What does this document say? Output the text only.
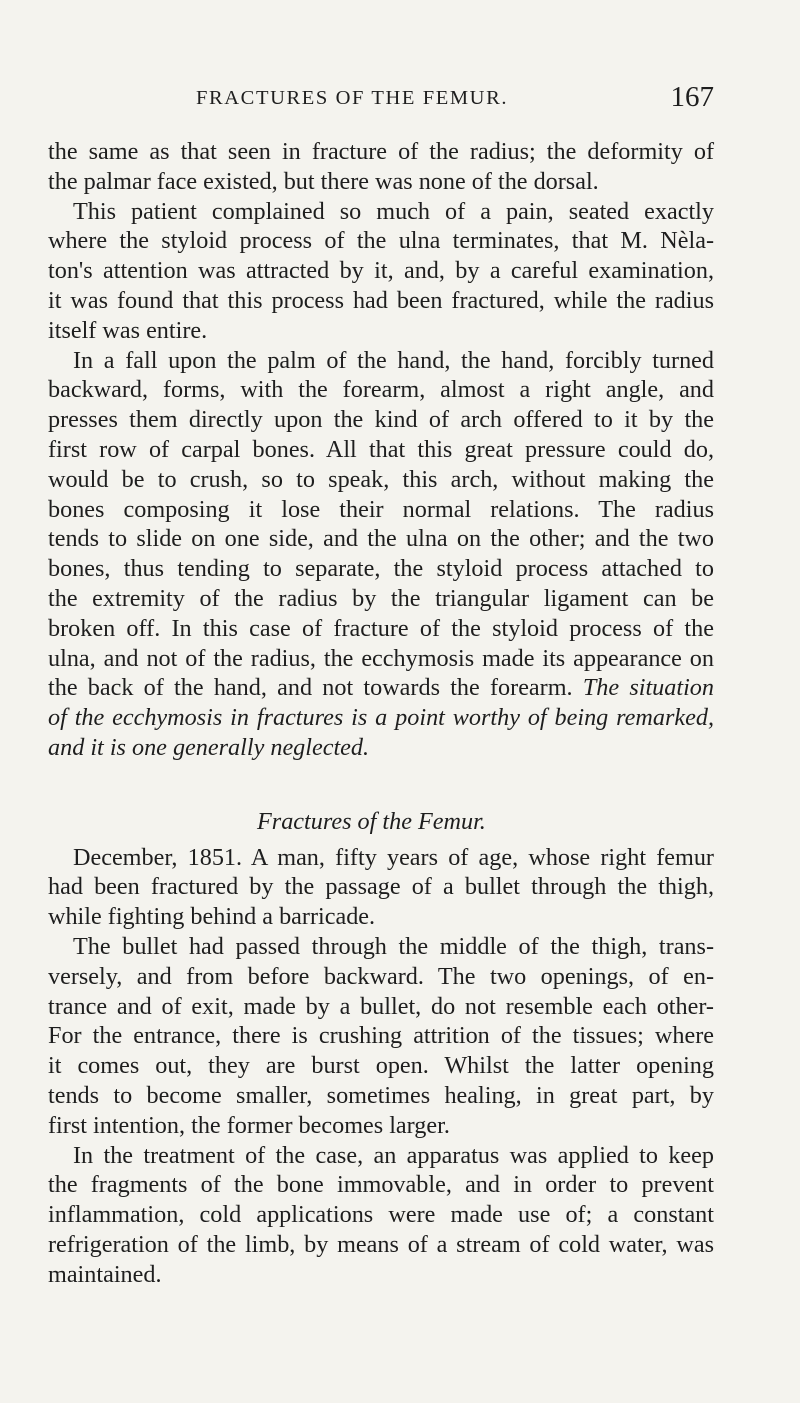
FRACTURES OF THE FEMUR.	167
the same as that seen in fracture of the radius; the deformity of
the palmar face existed, but there was none of the dorsal.
This patient complained so much of a pain, seated exactly
where the styloid process of the ulna terminates, that M. Nèla-
ton's attention was attracted by it, and, by a careful examination,
it was found that this process had been fractured, while the radius
itself was entire.
In a fall upon the palm of the hand, the hand, forcibly turned
backward, forms, with the forearm, almost a right angle, and
presses them directly upon the kind of arch offered to it by the
first row of carpal bones. All that this great pressure could do,
would be to crush, so to speak, this arch, without making the
bones composing it lose their normal relations. The radius
tends to slide on one side, and the ulna on the other; and the two
bones, thus tending to separate, the styloid process attached to
the extremity of the radius by the triangular ligament can be
broken off. In this case of fracture of the styloid process of the
ulna, and not of the radius, the ecchymosis made its appearance on
the back of the hand, and not towards the forearm. The situation
of the ecchymosis in fractures is a point worthy of being remarked,
and it is one generally neglected.
Fractures of the Femur.
December, 1851. A man, fifty years of age, whose right femur
had been fractured by the passage of a bullet through the thigh,
while fighting behind a barricade.
The bullet had passed through the middle of the thigh, trans-
versely, and from before backward. The two openings, of en-
trance and of exit, made by a bullet, do not resemble each other-
For the entrance, there is crushing attrition of the tissues; where
it comes out, they are burst open. Whilst the latter opening
tends to become smaller, sometimes healing, in great part, by
first intention, the former becomes larger.
In the treatment of the case, an apparatus was applied to keep
the fragments of the bone immovable, and in order to prevent
inflammation, cold applications were made use of; a constant
refrigeration of the limb, by means of a stream of cold water, was
maintained.
